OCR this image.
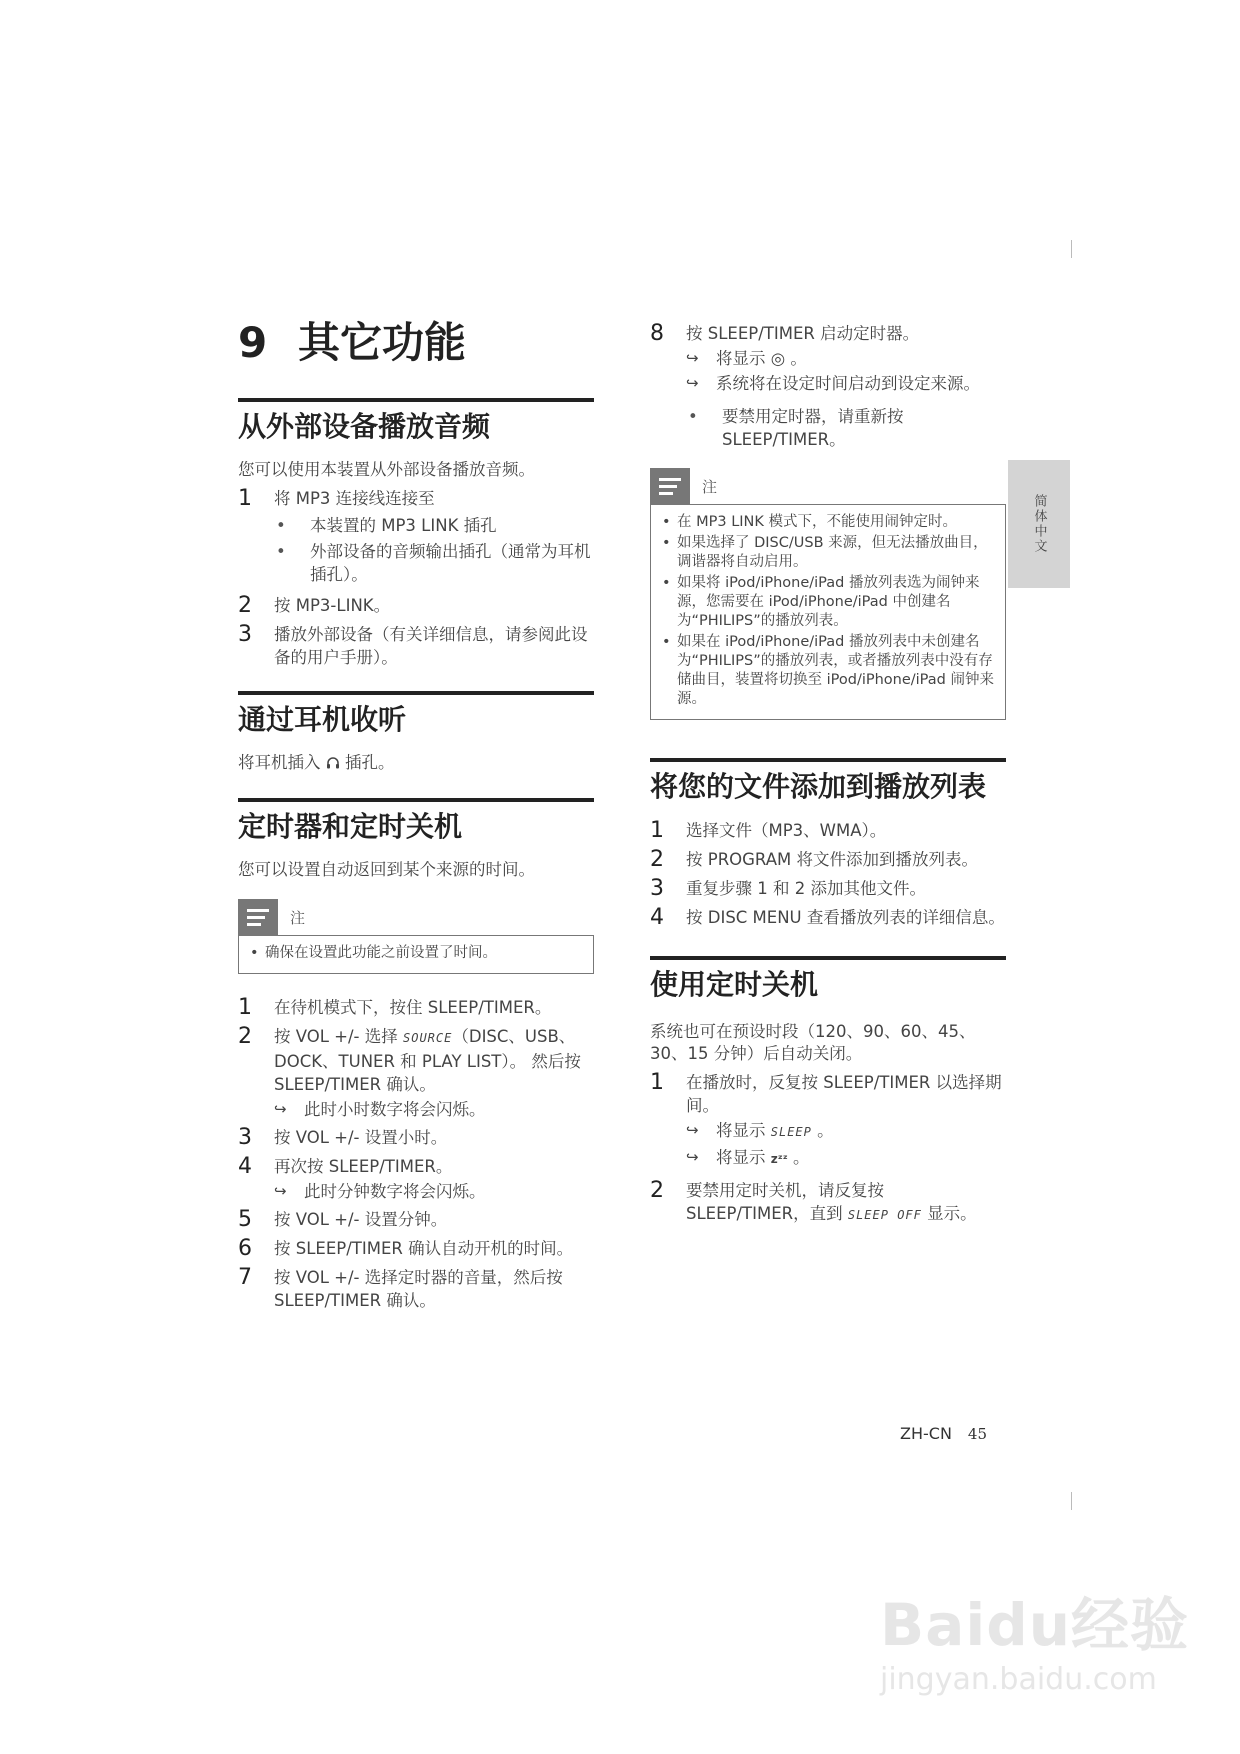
9 其它功能
从外部设备播放音频

您可以使用本装置从外部设备播放音频。

1	将 MP3 连接线连接至
• 本装置的 MP3 LINK 插孔
• 外部设备的音频输出插孔（通常为耳机插孔）。
2	按 MP3-LINK。
3	播放外部设备（有关详细信息，请参阅此设备的用户手册）。
通过耳机收听

将耳机插入  插孔。

定时器和定时关机

您可以设置自动返回到某个来源的时间。

注
• 确保在设置此功能之前设置了时间。
1	在待机模式下，按住 SLEEP/TIMER。
2	按 VOL +/- 选择 SOURCE（DISC、USB、DOCK、TUNER 和 PLAY LIST）。 然后按 SLEEP/TIMER 确认。
↪	此时小时数字将会闪烁。
3	按 VOL +/- 设置小时。
4	再次按 SLEEP/TIMER。
↪	此时分钟数字将会闪烁。
5	按 VOL +/- 设置分钟。
6	按 SLEEP/TIMER 确认自动开机的时间。
7	按 VOL +/- 选择定时器的音量，然后按 SLEEP/TIMER 确认。
8	按 SLEEP/TIMER 启动定时器。
↪	将显示 ◎ 。
↪	系统将在设定时间启动到设定来源。
• 要禁用定时器，请重新按 SLEEP/TIMER。
注
• 在 MP3 LINK 模式下，不能使用闹钟定时。
• 如果选择了 DISC/USB 来源，但无法播放曲目，调谐器将自动启用。
• 如果将 iPod/iPhone/iPad 播放列表选为闹钟来源，您需要在 iPod/iPhone/iPad 中创建名为“PHILIPS”的播放列表。
• 如果在 iPod/iPhone/iPad 播放列表中未创建名为“PHILIPS”的播放列表，或者播放列表中没有存储曲目，装置将切换至 iPod/iPhone/iPad 闹钟来源。
将您的文件添加到播放列表
1	选择文件（MP3、WMA）。
2	按 PROGRAM 将文件添加到播放列表。
3	重复步骤 1 和 2 添加其他文件。
4	按 DISC MENU 查看播放列表的详细信息。
使用定时关机

系统也可在预设时段（120、90、60、45、30、15 分钟）后自动关闭。

1	在播放时，反复按 SLEEP/TIMER 以选择期间。
↪	将显示 SLEEP 。
↪	将显示 zᶻᶻ 。
2	要禁用定时关机，请反复按 SLEEP/TIMER，直到 SLEEP OFF 显示。
简体中文
ZH-CN 45
Baidu经验
jingyan.baidu.com
